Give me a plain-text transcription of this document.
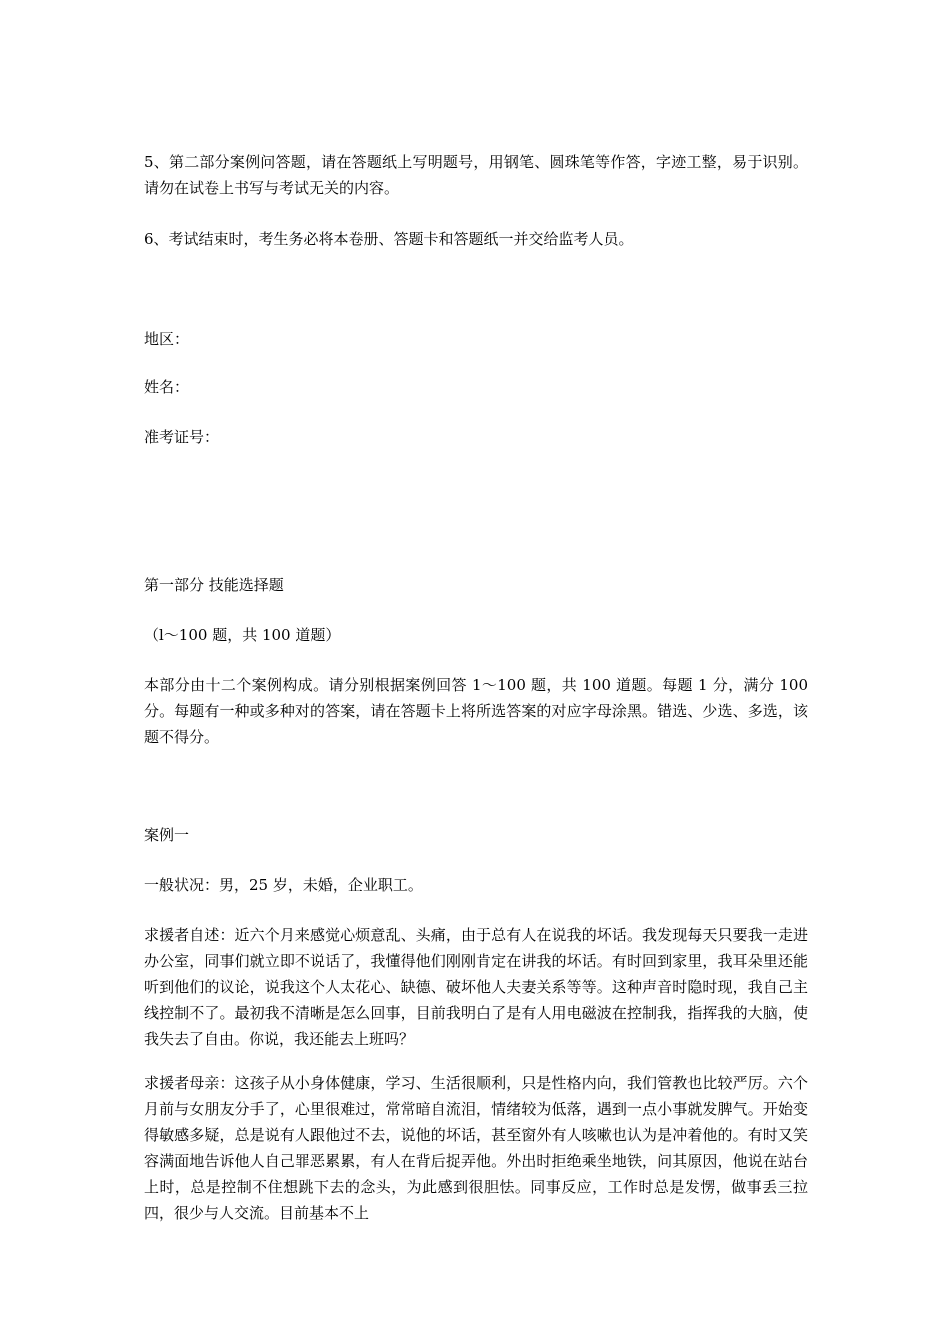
5、第二部分案例问答题，请在答题纸上写明题号，用钢笔、圆珠笔等作答，字迹工整，易于识别。请勿在试卷上书写与考试无关的内容。

6、考试结束时，考生务必将本卷册、答题卡和答题纸一并交给监考人员。

地区：

姓名：

准考证号：

第一部分 技能选择题

（l～100 题，共 100 道题）

本部分由十二个案例构成。请分别根据案例回答 1～100 题，共 100 道题。每题 1 分，满分 100 分。每题有一种或多种对的答案，请在答题卡上将所选答案的对应字母涂黑。错选、少选、多选，该题不得分。

案例一

一般状况：男，25 岁，未婚，企业职工。

求援者自述：近六个月来感觉心烦意乱、头痛，由于总有人在说我的坏话。我发现每天只要我一走进办公室，同事们就立即不说话了，我懂得他们刚刚肯定在讲我的坏话。有时回到家里，我耳朵里还能听到他们的议论，说我这个人太花心、缺德、破坏他人夫妻关系等等。这种声音时隐时现，我自己主线控制不了。最初我不清晰是怎么回事，目前我明白了是有人用电磁波在控制我，指挥我的大脑，使我失去了自由。你说，我还能去上班吗？

求援者母亲：这孩子从小身体健康，学习、生活很顺利，只是性格内向，我们管教也比较严厉。六个月前与女朋友分手了，心里很难过，常常暗自流泪，情绪较为低落，遇到一点小事就发脾气。开始变得敏感多疑，总是说有人跟他过不去，说他的坏话，甚至窗外有人咳嗽也认为是冲着他的。有时又笑容满面地告诉他人自己罪恶累累，有人在背后捉弄他。外出时拒绝乘坐地铁，问其原因，他说在站台上时，总是控制不住想跳下去的念头，为此感到很胆怯。同事反应，工作时总是发愣，做事丢三拉四，很少与人交流。目前基本不上
